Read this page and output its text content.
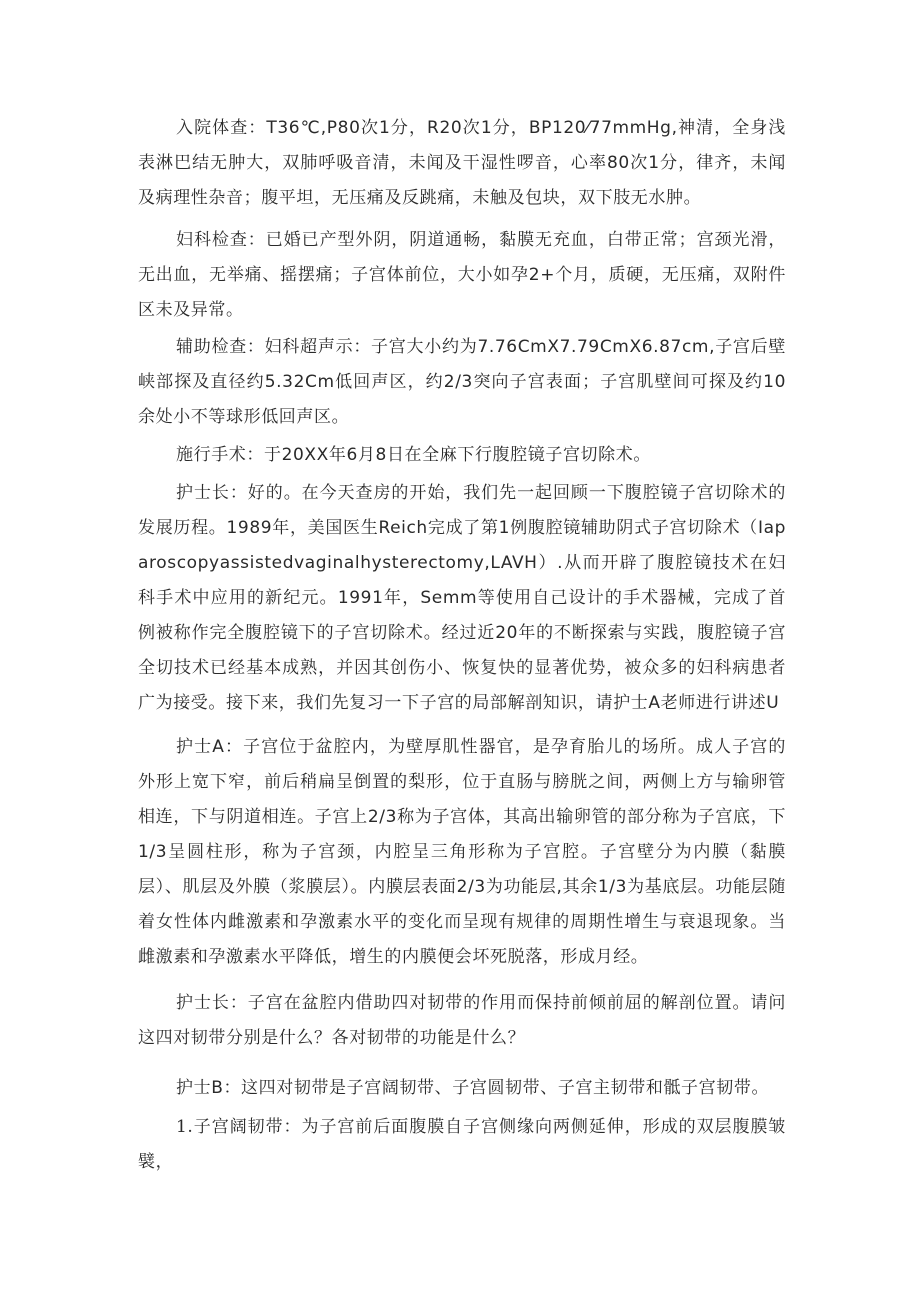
入院体查：T36℃,P80次1分，R20次1分，BP120⁄77mmHg,神清，全身浅表淋巴结无肿大，双肺呼吸音清，未闻及干湿性啰音，心率80次1分，律齐，未闻及病理性杂音；腹平坦，无压痛及反跳痛，未触及包块，双下肢无水肿。

妇科检查：已婚已产型外阴，阴道通畅，黏膜无充血，白带正常；宫颈光滑，无出血，无举痛、摇摆痛；子宫体前位，大小如孕2+个月，质硬，无压痛，双附件区未及异常。

辅助检查：妇科超声示：子宫大小约为7.76CmX7.79CmX6.87cm,子宫后壁峡部探及直径约5.32Cm低回声区，约2/3突向子宫表面；子宫肌壁间可探及约10余处小不等球形低回声区。

施行手术：于20XX年6月8日在全麻下行腹腔镜子宫切除术。

护士长：好的。在今天查房的开始，我们先一起回顾一下腹腔镜子宫切除术的发展历程。1989年，美国医生Reich完成了第1例腹腔镜辅助阴式子宫切除术（Iaparoscopyassistedvaginalhysterectomy,LAVH）.从而开辟了腹腔镜技术在妇科手术中应用的新纪元。1991年，Semm等使用自己设计的手术器械，完成了首例被称作完全腹腔镜下的子宫切除术。经过近20年的不断探索与实践，腹腔镜子宫全切技术已经基本成熟，并因其创伤小、恢复快的显著优势，被众多的妇科病患者广为接受。接下来，我们先复习一下子宫的局部解剖知识，请护士A老师进行讲述U

护士A：子宫位于盆腔内，为壁厚肌性器官，是孕育胎儿的场所。成人子宫的外形上宽下窄，前后稍扁呈倒置的梨形，位于直肠与膀胱之间，两侧上方与输卵管相连，下与阴道相连。子宫上2/3称为子宫体，其高出输卵管的部分称为子宫底，下1/3呈圆柱形，称为子宫颈，内腔呈三角形称为子宫腔。子宫壁分为内膜（黏膜层）、肌层及外膜（浆膜层）。内膜层表面2/3为功能层,其余1/3为基底层。功能层随着女性体内雌激素和孕激素水平的变化而呈现有规律的周期性增生与衰退现象。当雌激素和孕激素水平降低，增生的内膜便会坏死脱落，形成月经。

护士长：子宫在盆腔内借助四对韧带的作用而保持前倾前屈的解剖位置。请问这四对韧带分别是什么？各对韧带的功能是什么？

护士B：这四对韧带是子宫阔韧带、子宫圆韧带、子宫主韧带和骶子宫韧带。

1.子宫阔韧带：为子宫前后面腹膜自子宫侧缘向两侧延伸，形成的双层腹膜皱襞，
